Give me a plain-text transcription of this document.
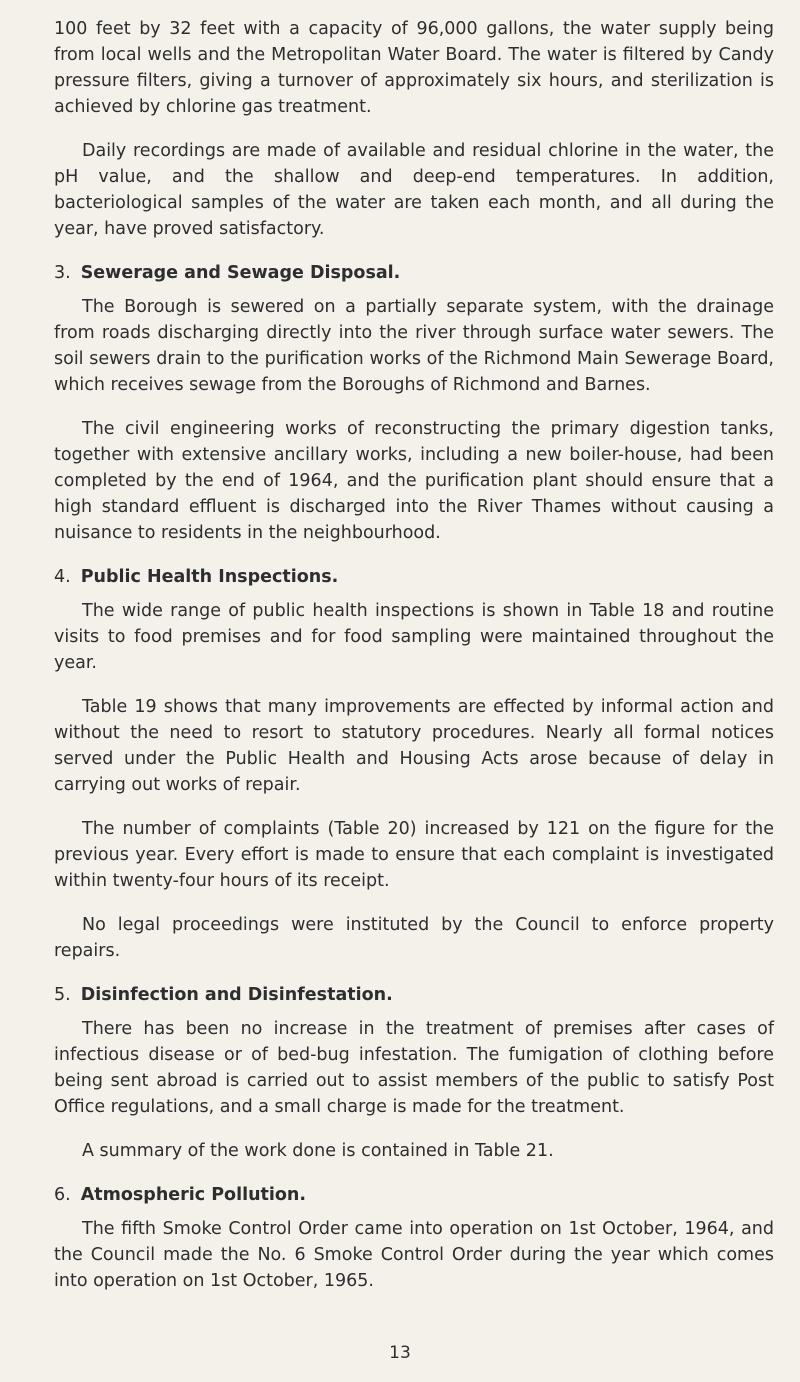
100 feet by 32 feet with a capacity of 96,000 gallons, the water supply being from local wells and the Metropolitan Water Board. The water is filtered by Candy pressure filters, giving a turnover of approximately six hours, and sterilization is achieved by chlorine gas treatment.

Daily recordings are made of available and residual chlorine in the water, the pH value, and the shallow and deep-end temperatures. In addition, bacteriological samples of the water are taken each month, and all during the year, have proved satisfactory.

3. Sewerage and Sewage Disposal.

The Borough is sewered on a partially separate system, with the drainage from roads discharging directly into the river through surface water sewers. The soil sewers drain to the purification works of the Richmond Main Sewerage Board, which receives sewage from the Boroughs of Richmond and Barnes.

The civil engineering works of reconstructing the primary digestion tanks, together with extensive ancillary works, including a new boiler-house, had been completed by the end of 1964, and the purification plant should ensure that a high standard effluent is discharged into the River Thames without causing a nuisance to residents in the neighbourhood.

4. Public Health Inspections.

The wide range of public health inspections is shown in Table 18 and routine visits to food premises and for food sampling were maintained throughout the year.

Table 19 shows that many improvements are effected by informal action and without the need to resort to statutory procedures. Nearly all formal notices served under the Public Health and Housing Acts arose because of delay in carrying out works of repair.

The number of complaints (Table 20) increased by 121 on the figure for the previous year. Every effort is made to ensure that each complaint is investigated within twenty-four hours of its receipt.

No legal proceedings were instituted by the Council to enforce property repairs.

5. Disinfection and Disinfestation.

There has been no increase in the treatment of premises after cases of infectious disease or of bed-bug infestation. The fumigation of clothing before being sent abroad is carried out to assist members of the public to satisfy Post Office regulations, and a small charge is made for the treatment.

A summary of the work done is contained in Table 21.

6. Atmospheric Pollution.

The fifth Smoke Control Order came into operation on 1st October, 1964, and the Council made the No. 6 Smoke Control Order during the year which comes into operation on 1st October, 1965.

13
